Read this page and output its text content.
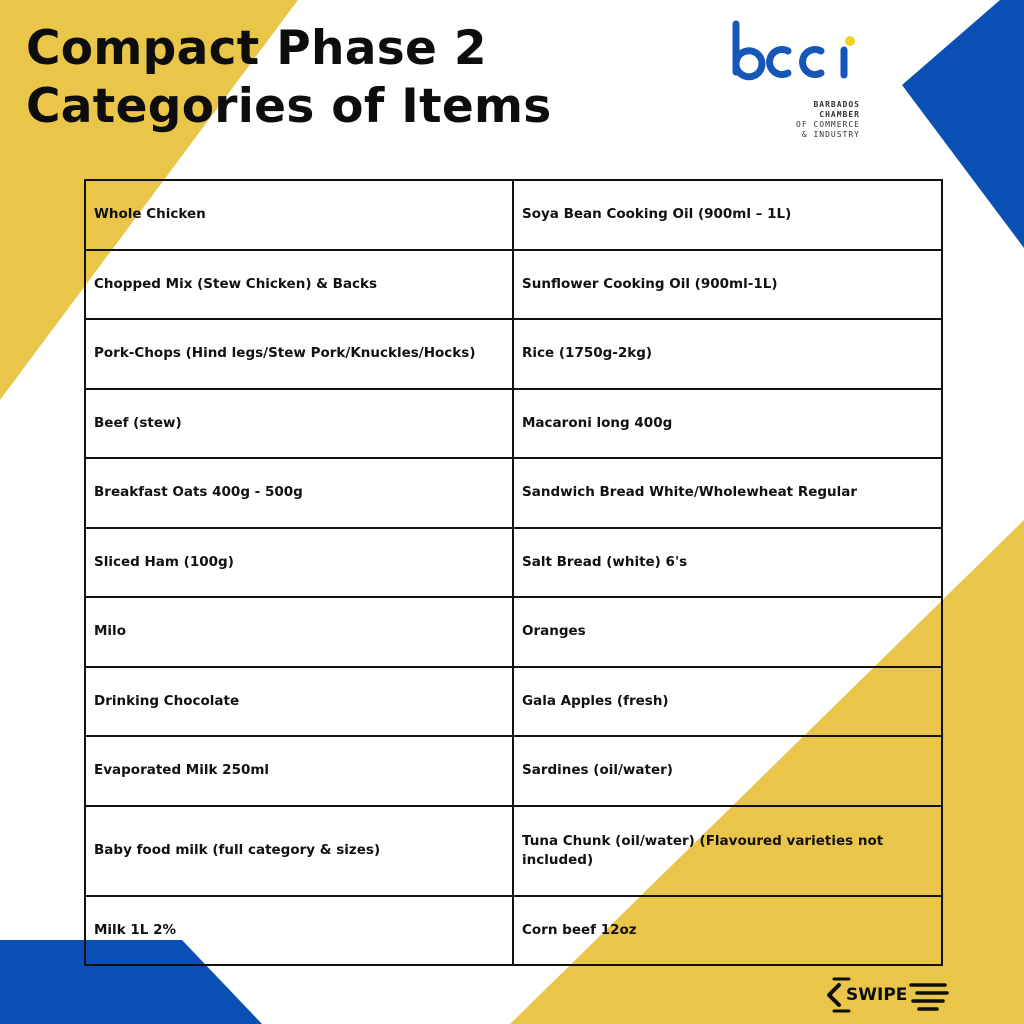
Compact Phase 2
Categories of Items	BARBADOS
CHAMBER
OF COMMERCE
& INDUSTRY
Whole Chicken	Soya Bean Cooking Oil (900ml – 1L)
Chopped Mix (Stew Chicken) & Backs	Sunflower Cooking Oil (900ml-1L)
Pork-Chops (Hind legs/Stew Pork/Knuckles/Hocks)	Rice (1750g-2kg)
Beef (stew)	Macaroni long 400g
Breakfast Oats 400g - 500g	Sandwich Bread White/Wholewheat Regular
Sliced Ham (100g)	Salt Bread (white) 6's
Milo	Oranges
Drinking Chocolate	Gala Apples (fresh)
Evaporated Milk 250ml	Sardines (oil/water)
Baby food milk (full category & sizes)	Tuna Chunk (oil/water) (Flavoured varieties not included)
Milk 1L 2%	Corn beef 12oz
SWIPE
